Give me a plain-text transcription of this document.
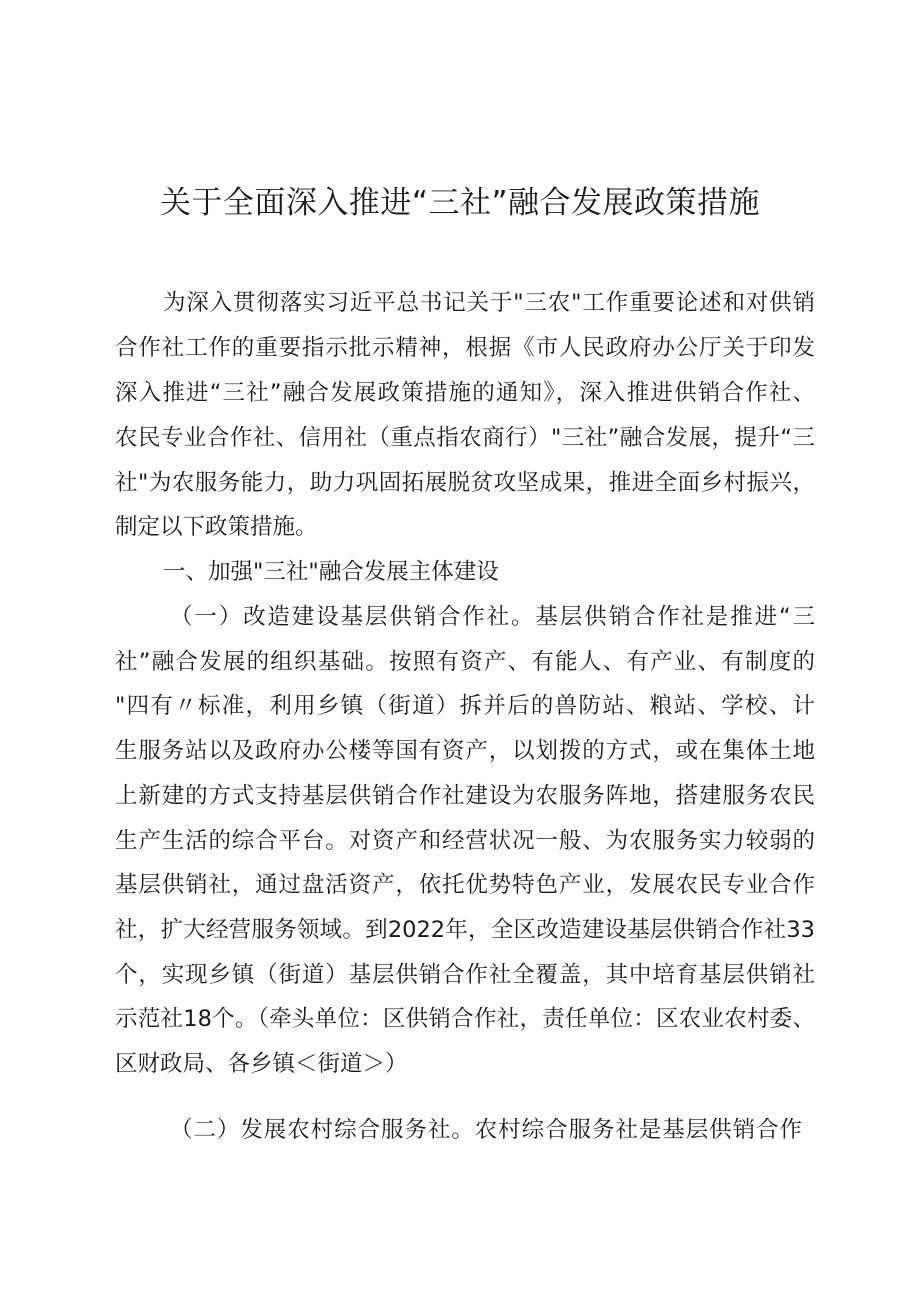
关于全面深入推进“三社”融合发展政策措施

为深入贯彻落实习近平总书记关于"三农"工作重要论述和对供销

合作社工作的重要指示批示精神，根据《市人民政府办公厅关于印发

深入推进“三社”融合发展政策措施的通知》，深入推进供销合作社、

农民专业合作社、信用社（重点指农商行）"三社”融合发展，提升“三

社"为农服务能力，助力巩固拓展脱贫攻坚成果，推进全面乡村振兴，

制定以下政策措施。

一、加强"三社"融合发展主体建设

（一）改造建设基层供销合作社。基层供销合作社是推进“三

社”融合发展的组织基础。按照有资产、有能人、有产业、有制度的

"四有〃标准，利用乡镇（街道）拆并后的兽防站、粮站、学校、计

生服务站以及政府办公楼等国有资产，以划拨的方式，或在集体土地

上新建的方式支持基层供销合作社建设为农服务阵地，搭建服务农民

生产生活的综合平台。对资产和经营状况一般、为农服务实力较弱的

基层供销社，通过盘活资产，依托优势特色产业，发展农民专业合作

社，扩大经营服务领域。到2022年，全区改造建设基层供销合作社33

个，实现乡镇（街道）基层供销合作社全覆盖，其中培育基层供销社

示范社18个。（牵头单位：区供销合作社，责任单位：区农业农村委、

区财政局、各乡镇＜街道＞）

（二）发展农村综合服务社。农村综合服务社是基层供销合作
